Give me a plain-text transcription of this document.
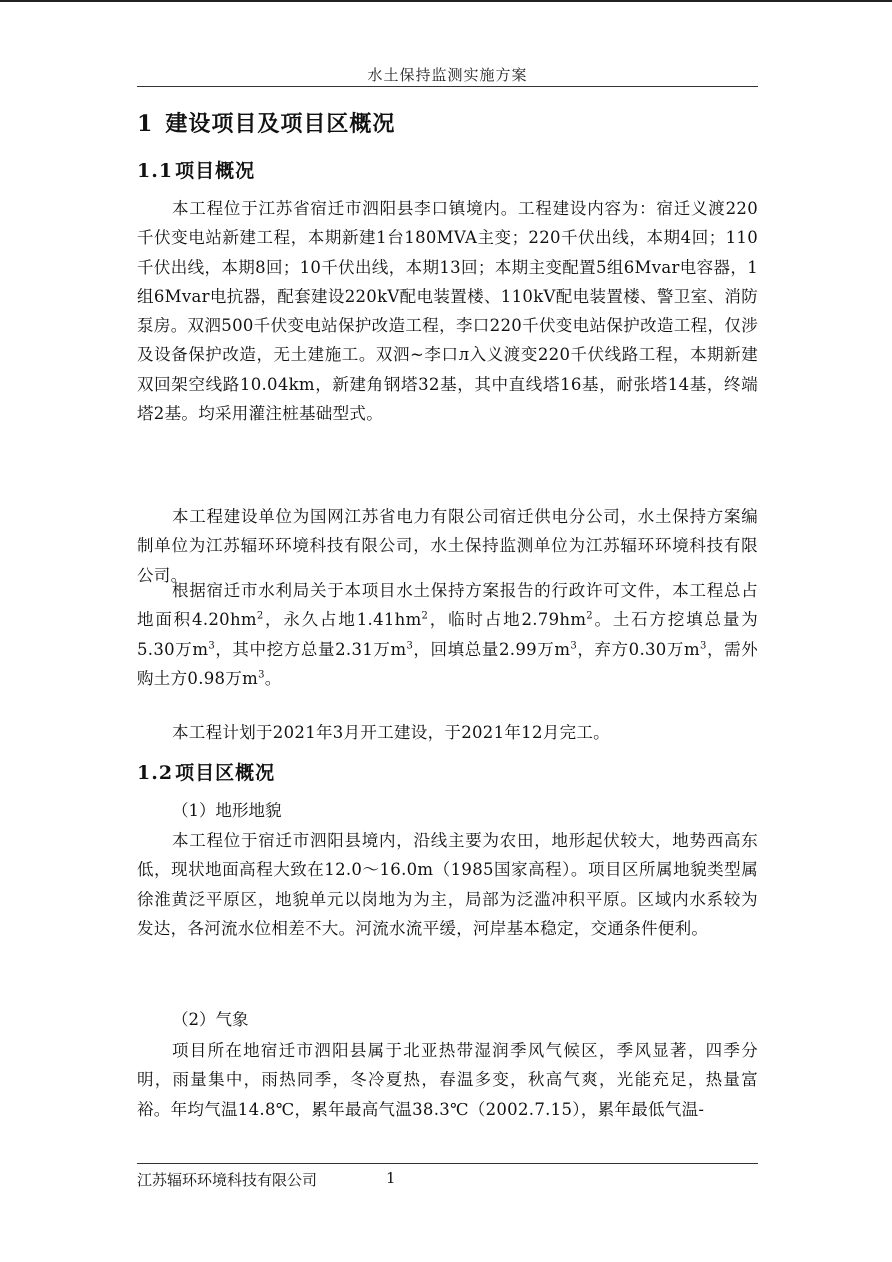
水土保持监测实施方案
1 建设项目及项目区概况
1.1 项目概况

本工程位于江苏省宿迁市泗阳县李口镇境内。工程建设内容为：宿迁义渡220千伏变电站新建工程，本期新建1台180MVA主变；220千伏出线，本期4回；110千伏出线，本期8回；10千伏出线，本期13回；本期主变配置5组6Mvar电容器，1组6Mvar电抗器，配套建设220kV配电装置楼、110kV配电装置楼、警卫室、消防泵房。双泗500千伏变电站保护改造工程，李口220千伏变电站保护改造工程，仅涉及设备保护改造，无土建施工。双泗~李口л入义渡变220千伏线路工程，本期新建双回架空线路10.04km，新建角钢塔32基，其中直线塔16基，耐张塔14基，终端塔2基。均采用灌注桩基础型式。

本工程建设单位为国网江苏省电力有限公司宿迁供电分公司，水土保持方案编制单位为江苏辐环环境科技有限公司，水土保持监测单位为江苏辐环环境科技有限公司。

根据宿迁市水利局关于本项目水土保持方案报告的行政许可文件，本工程总占地面积$4.20hm^2$，永久占地$1.41hm^2$，临时占地$2.79hm^2$。土石方挖填总量为5.30万$m^3$，其中挖方总量2.31万$m^3$，回填总量2.99万$m^3$，弃方0.30万$m^3$，需外购土方0.98万$m^3$。

本工程计划于2021年3月开工建设，于2021年12月完工。

1.2 项目区概况
（1）地形地貌

本工程位于宿迁市泗阳县境内，沿线主要为农田，地形起伏较大，地势西高东低，现状地面高程大致在12.0～16.0m（1985国家高程）。项目区所属地貌类型属徐淮黄泛平原区，地貌单元以岗地为为主，局部为泛滥冲积平原。区域内水系较为发达，各河流水位相差不大。河流水流平缓，河岸基本稳定，交通条件便利。

（2）气象

项目所在地宿迁市泗阳县属于北亚热带湿润季风气候区，季风显著，四季分明，雨量集中，雨热同季，冬冷夏热，春温多变，秋高气爽，光能充足，热量富裕。年均气温14.8℃，累年最高气温38.3℃（2002.7.15），累年最低气温-

江苏辐环环境科技有限公司	1
